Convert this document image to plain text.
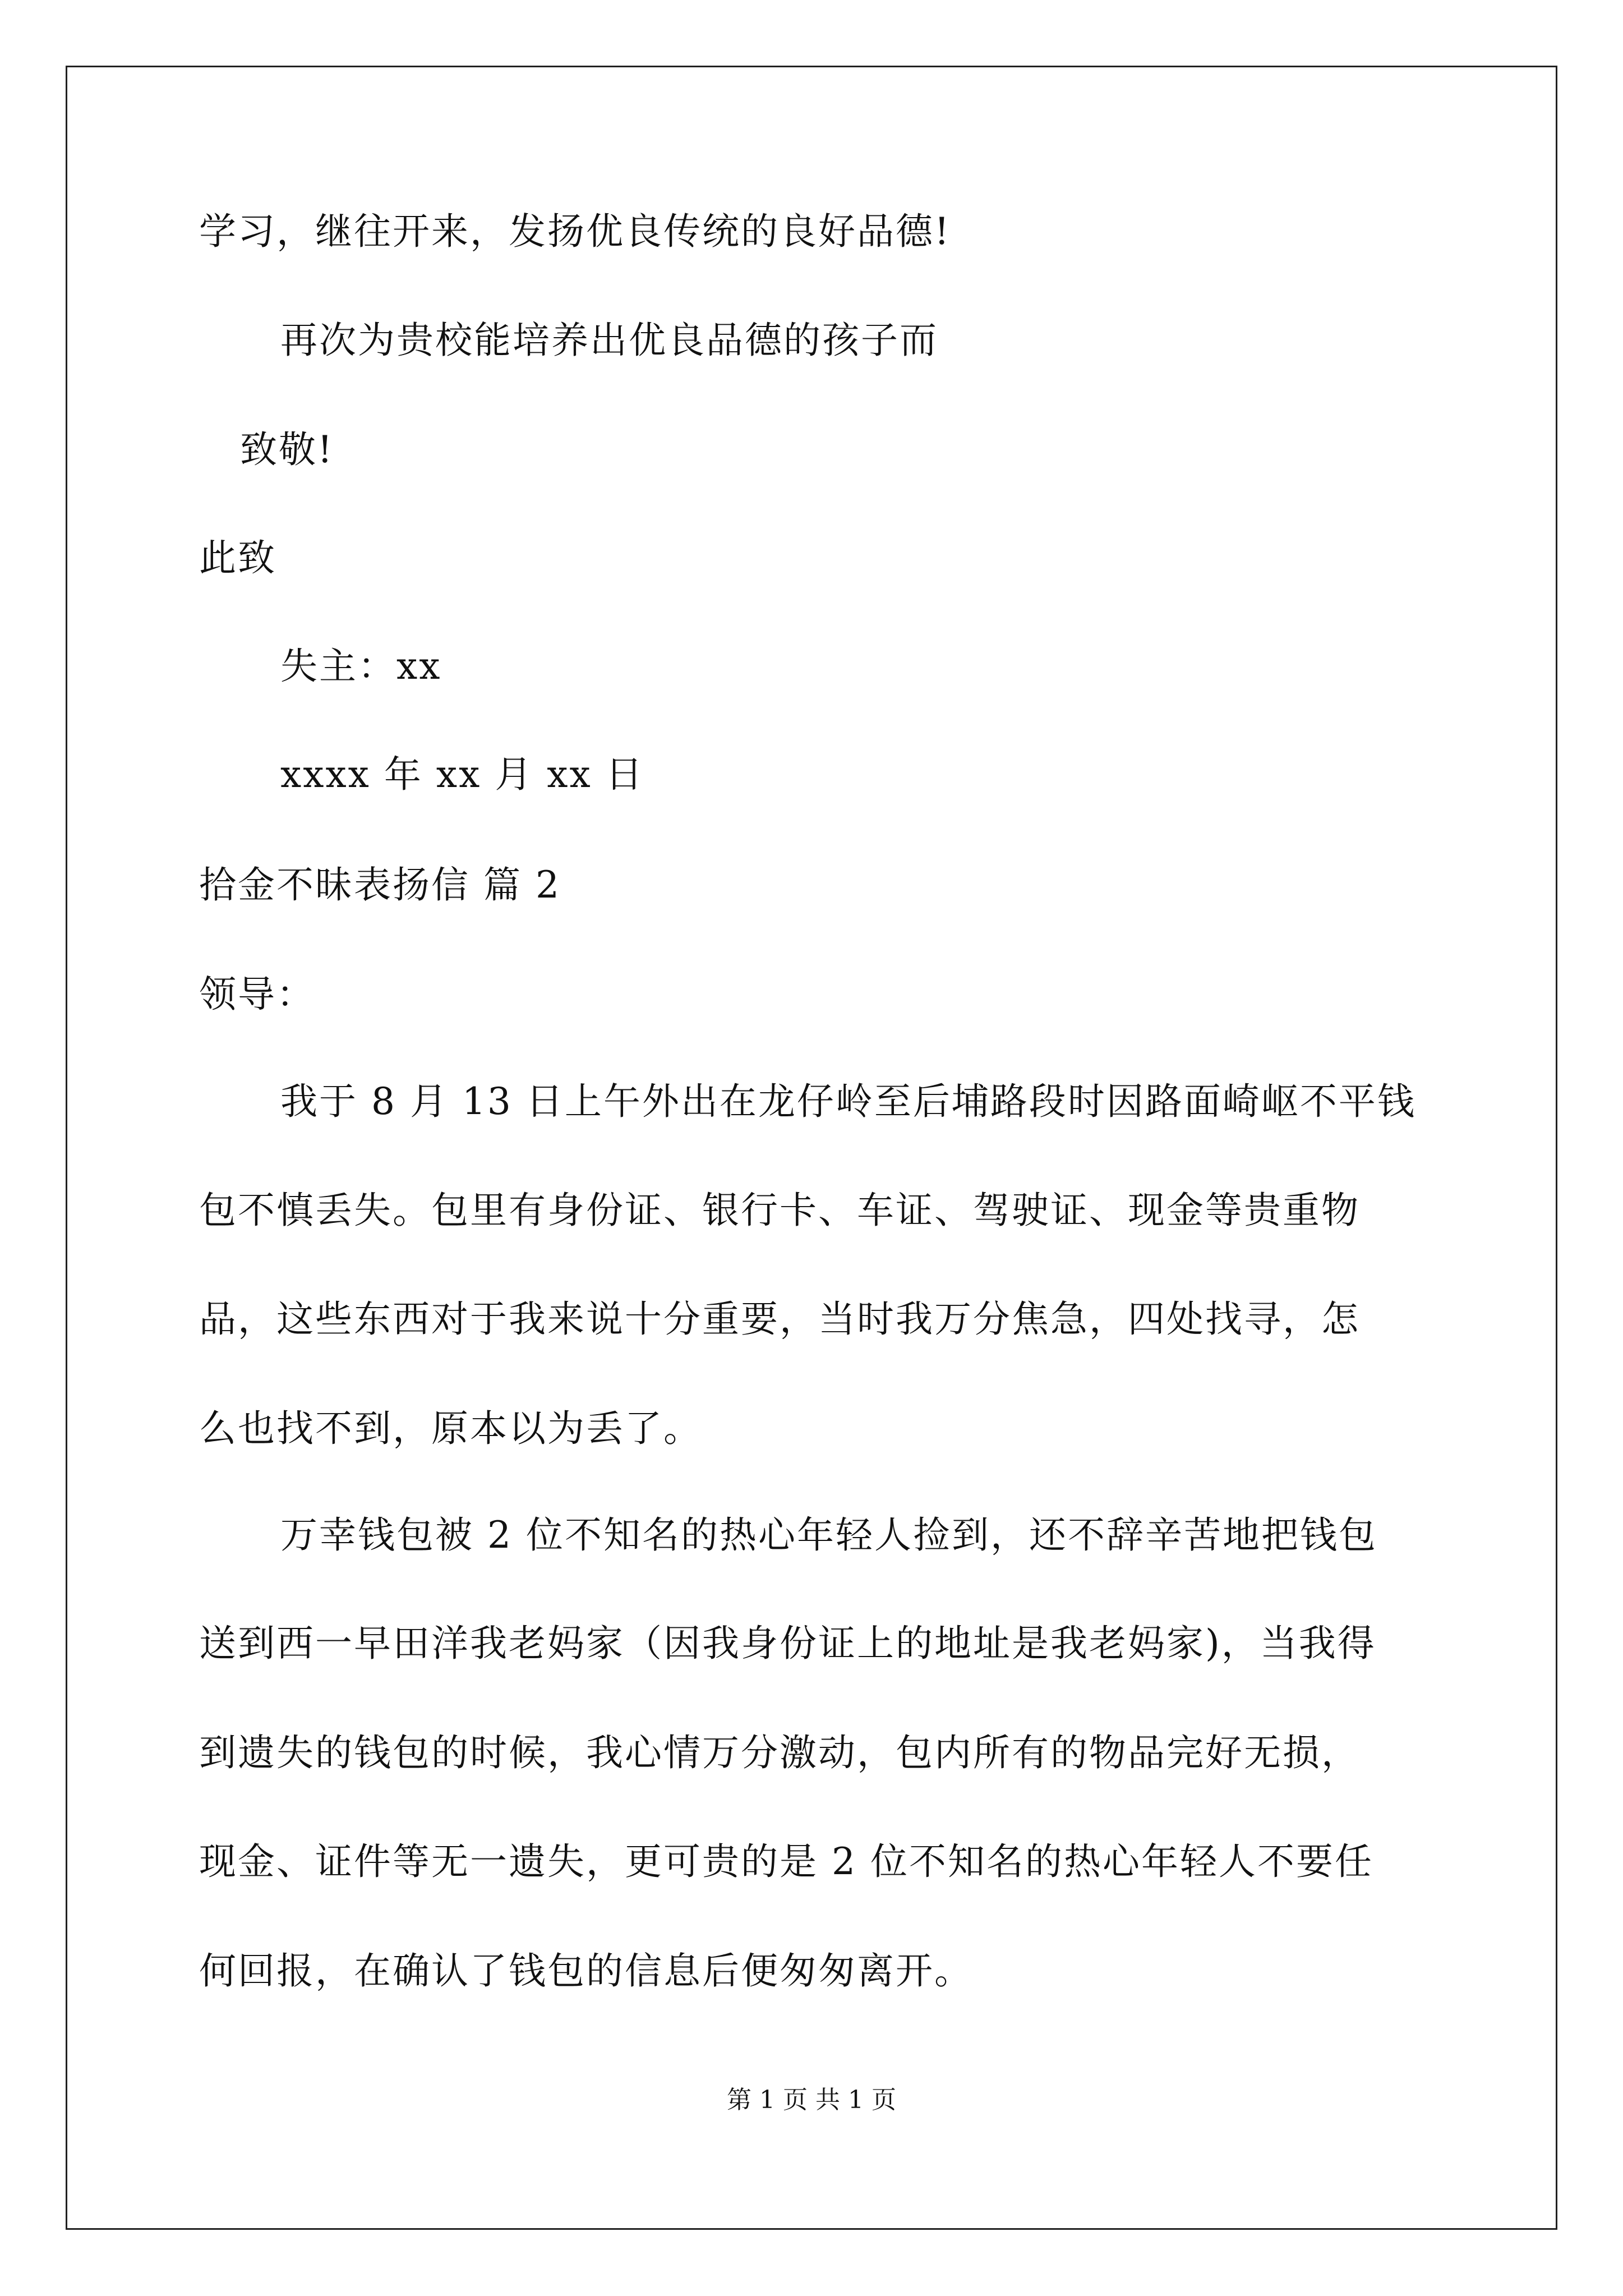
学习，继往开来，发扬优良传统的良好品德!
再次为贵校能培养出优良品德的孩子而
致敬!
此致
失主：xx
xxxx 年 xx 月 xx 日
拾金不昧表扬信 篇 2
领导：
我于 8 月 13 日上午外出在龙仔岭至后埔路段时因路面崎岖不平钱
包不慎丢失。包里有身份证、银行卡、车证、驾驶证、现金等贵重物
品，这些东西对于我来说十分重要，当时我万分焦急，四处找寻，怎
么也找不到，原本以为丢了。
万幸钱包被 2 位不知名的热心年轻人捡到，还不辞辛苦地把钱包
送到西一早田洋我老妈家（因我身份证上的地址是我老妈家)，当我得
到遗失的钱包的时候，我心情万分激动，包内所有的物品完好无损，
现金、证件等无一遗失，更可贵的是 2 位不知名的热心年轻人不要任
何回报，在确认了钱包的信息后便匆匆离开。
第 1 页 共 1 页
